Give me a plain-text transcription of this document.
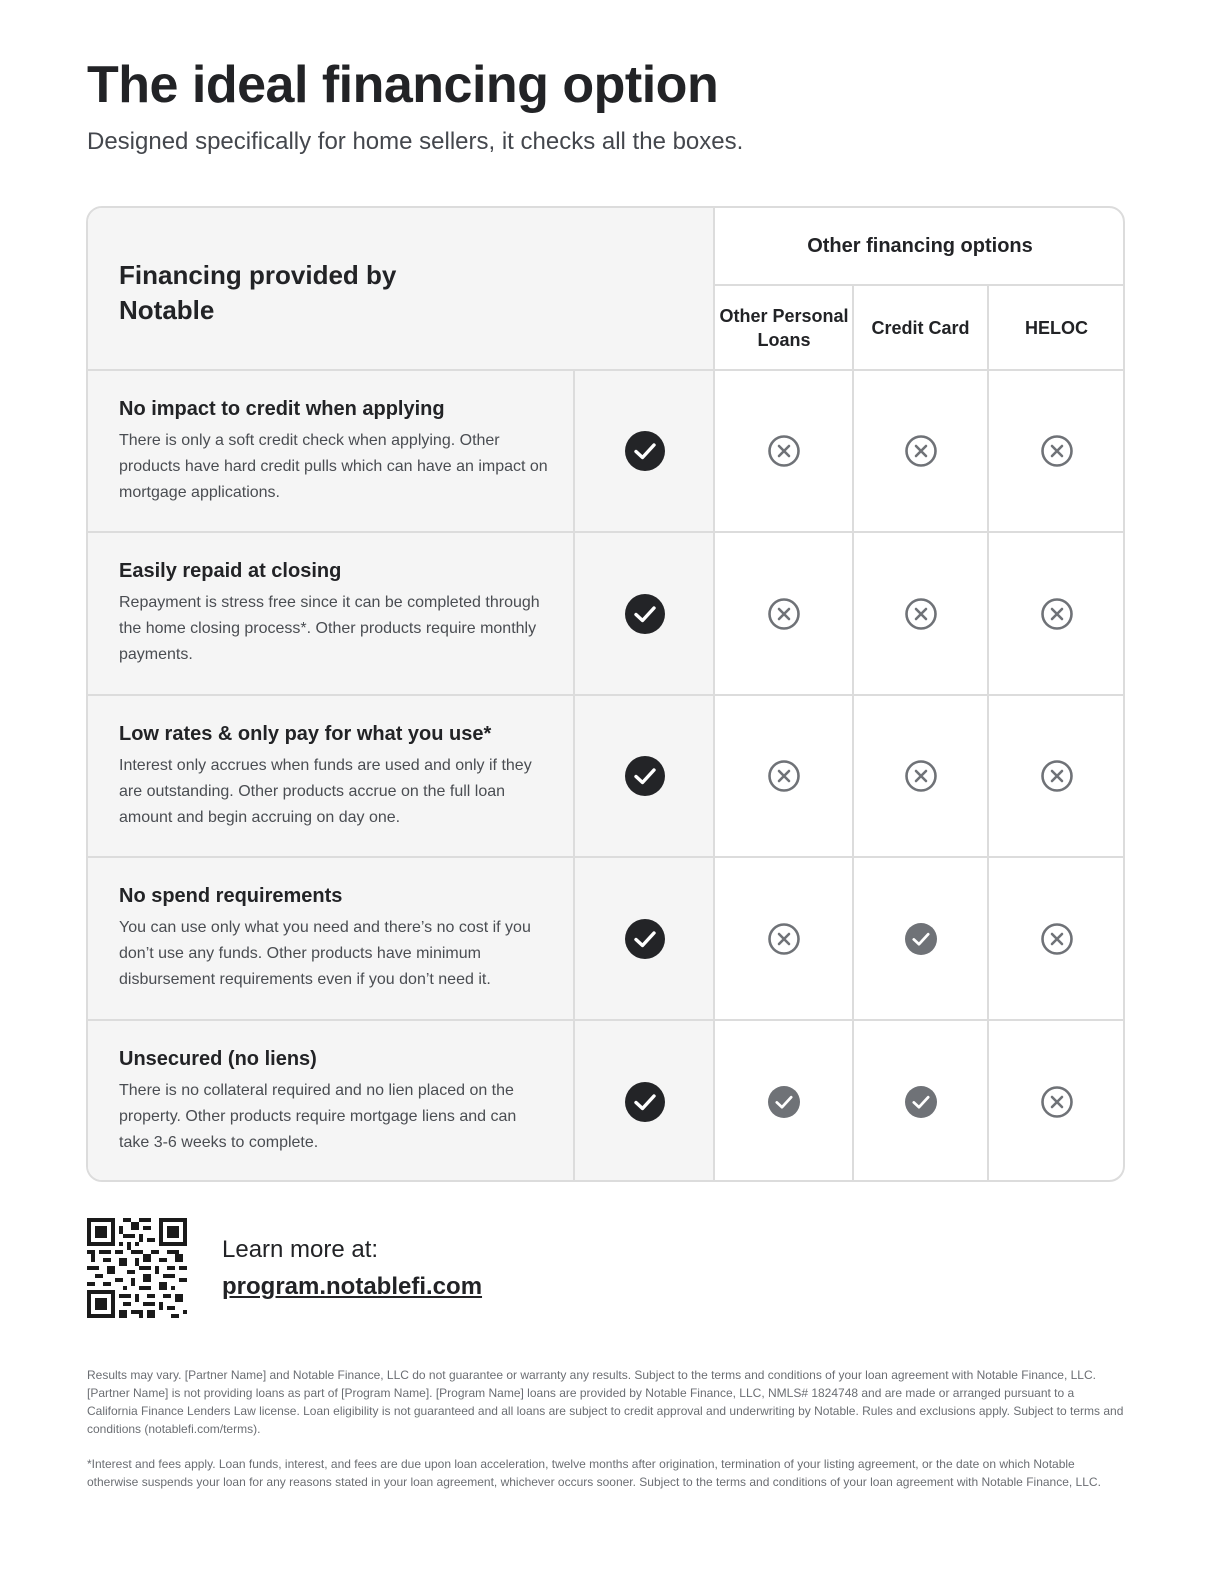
The ideal financing option

Designed specifically for home sellers, it checks all the boxes.

Financing provided by Notable
Other financing options
Other Personal Loans
Credit Card	HELOC
No impact to credit when applying
There is only a soft credit check when applying. Other products have hard credit pulls which can have an impact on mortgage applications.
Easily repaid at closing
Repayment is stress free since it can be completed through the home closing process*. Other products require monthly payments.
Low rates & only pay for what you use*
Interest only accrues when funds are used and only if they are outstanding. Other products accrue on the full loan amount and begin accruing on day one.
No spend requirements
You can use only what you need and there’s no cost if you don’t use any funds. Other products have minimum disbursement requirements even if you don’t need it.
Unsecured (no liens)
There is no collateral required and no lien placed on the property. Other products require mortgage liens and can take 3-6 weeks to complete.
Learn more at:
program.notablefi.com

Results may vary. [Partner Name] and Notable Finance, LLC do not guarantee or warranty any results. Subject to the terms and conditions of your loan agreement with Notable Finance, LLC. [Partner Name] is not providing loans as part of [Program Name]. [Program Name] loans are provided by Notable Finance, LLC, NMLS# 1824748 and are made or arranged pursuant to a California Finance Lenders Law license. Loan eligibility is not guaranteed and all loans are subject to credit approval and underwriting by Notable. Rules and exclusions apply. Subject to terms and conditions (notablefi.com/terms).

*Interest and fees apply. Loan funds, interest, and fees are due upon loan acceleration, twelve months after origination, termination of your listing agreement, or the date on which Notable otherwise suspends your loan for any reasons stated in your loan agreement, whichever occurs sooner. Subject to the terms and conditions of your loan agreement with Notable Finance, LLC.
